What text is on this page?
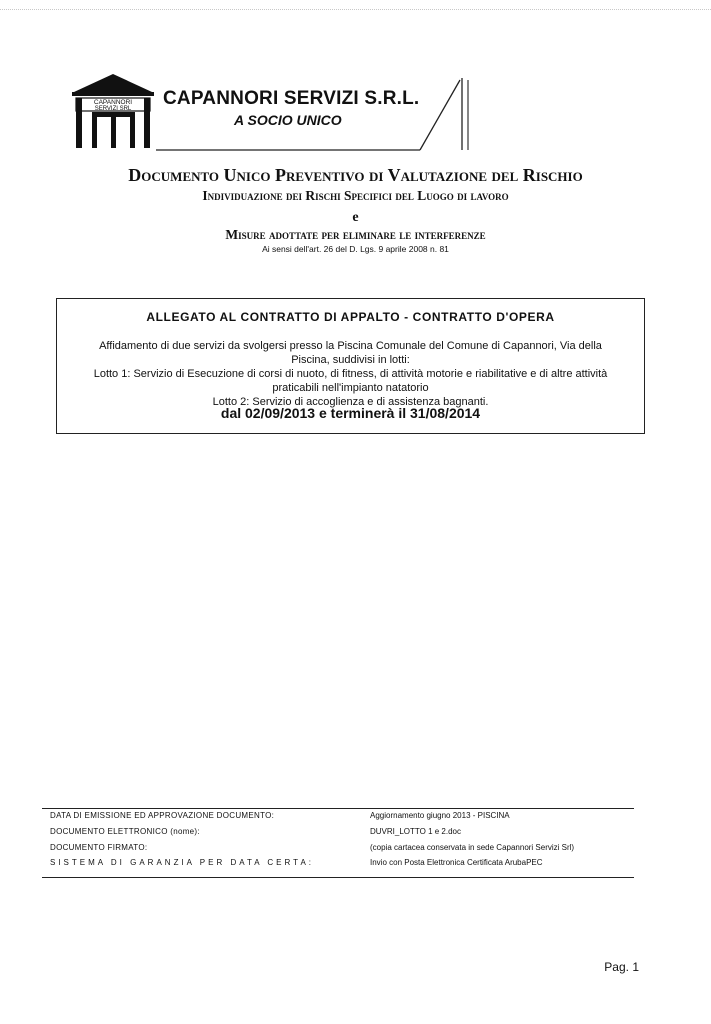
CAPANNORI
SERVIZI SRL CAPANNORI SERVIZI S.R.L.
A SOCIO UNICO
Documento Unico Preventivo di Valutazione del Rischio
Individuazione dei Rischi Specifici del Luogo di lavoro
e
Misure adottate per eliminare le interferenze
Ai sensi dell'art. 26 del D. Lgs. 9 aprile 2008 n. 81
ALLEGATO AL CONTRATTO DI APPALTO - CONTRATTO D'OPERA
Affidamento di due servizi da svolgersi presso la Piscina Comunale del Comune di Capannori, Via della
Piscina, suddivisi in lotti:
Lotto 1: Servizio di Esecuzione di corsi di nuoto, di fitness, di attività motorie e riabilitative e di altre attività
praticabili nell'impianto natatorio
Lotto 2: Servizio di accoglienza e di assistenza bagnanti.
dal 02/09/2013 e terminerà il 31/08/2014
DATA DI EMISSIONE ED APPROVAZIONE DOCUMENTO:	Aggiornamento giugno 2013 - PISCINA
DOCUMENTO ELETTRONICO (nome):	DUVRI_LOTTO 1 e 2.doc
DOCUMENTO FIRMATO:	(copia cartacea conservata in sede Capannori Servizi Srl)
SISTEMA DI GARANZIA PER DATA CERTA:	Invio con Posta Elettronica Certificata ArubaPEC
Pag. 1
